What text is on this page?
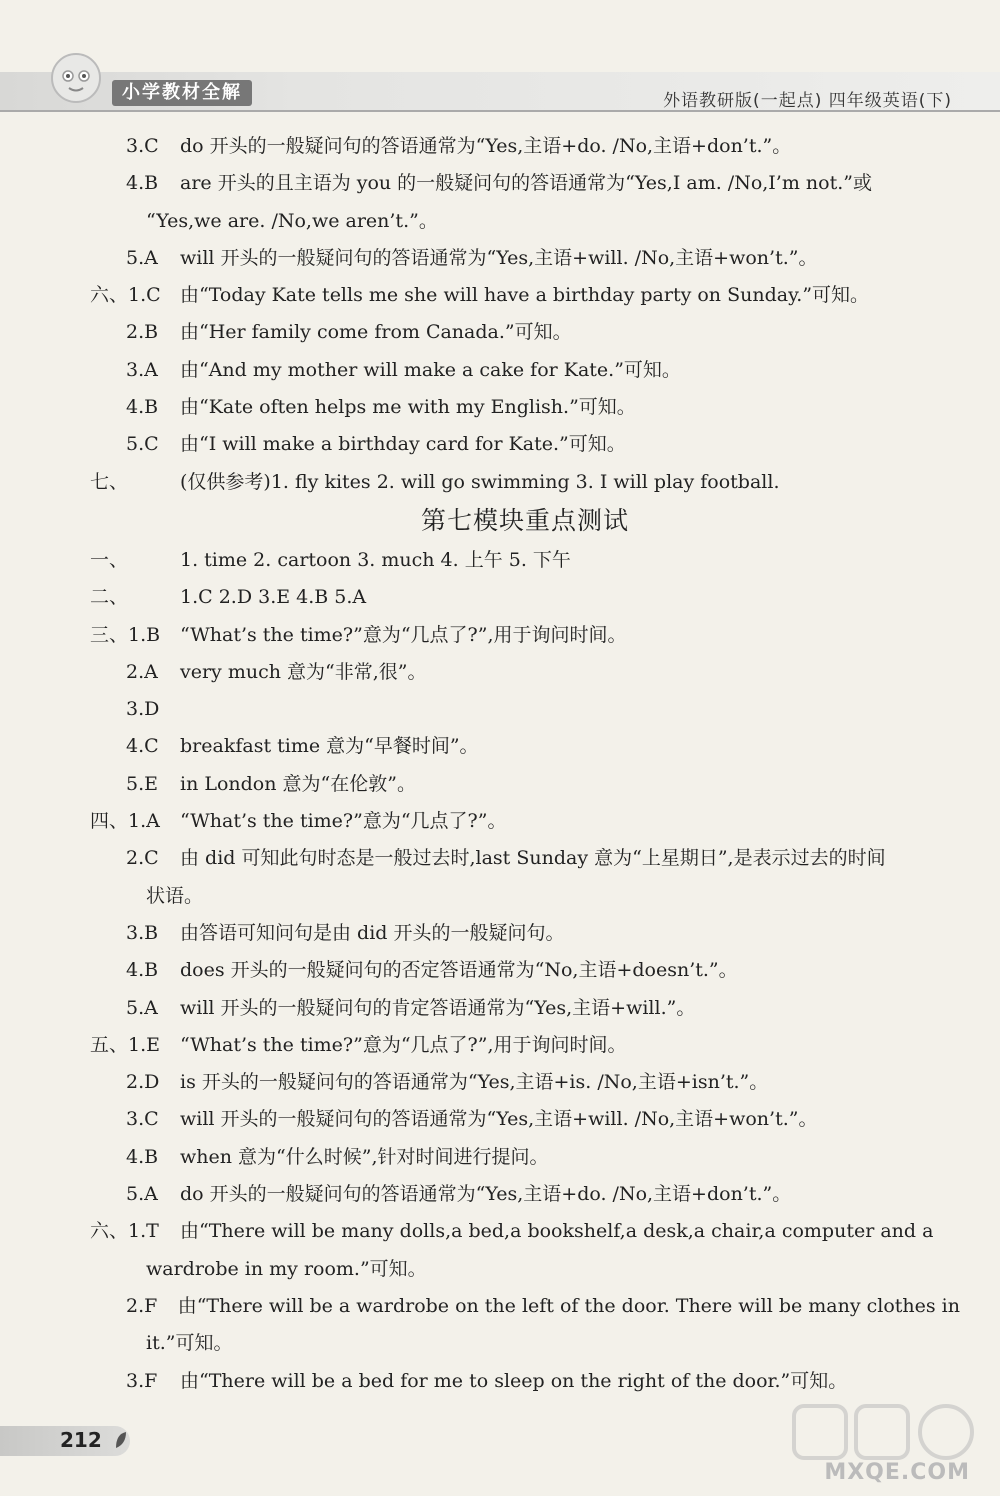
小学教材全解	外语教研版(一起点) 四年级英语(下)
3.C	do 开头的一般疑问句的答语通常为“Yes,主语+do. /No,主语+don’t.”。
4.B	are 开头的且主语为 you 的一般疑问句的答语通常为“Yes,I am. /No,I’m not.”或
“Yes,we are. /No,we aren’t.”。
5.A	will 开头的一般疑问句的答语通常为“Yes,主语+will. /No,主语+won’t.”。
六、1.C	由“Today Kate tells me she will have a birthday party on Sunday.”可知。
2.B	由“Her family come from Canada.”可知。
3.A	由“And my mother will make a cake for Kate.”可知。
4.B	由“Kate often helps me with my English.”可知。
5.C	由“I will make a birthday card for Kate.”可知。
七、	(仅供参考)1. fly kites 2. will go swimming 3. I will play football.
第七模块重点测试
一、	1. time 2. cartoon 3. much 4. 上午 5. 下午
二、	1.C 2.D 3.E 4.B 5.A
三、1.B	“What’s the time?”意为“几点了?”,用于询问时间。
2.A	very much 意为“非常,很”。
3.D
4.C	breakfast time 意为“早餐时间”。
5.E	in London 意为“在伦敦”。
四、1.A	“What’s the time?”意为“几点了?”。
2.C	由 did 可知此句时态是一般过去时,last Sunday 意为“上星期日”,是表示过去的时间
状语。
3.B	由答语可知问句是由 did 开头的一般疑问句。
4.B	does 开头的一般疑问句的否定答语通常为“No,主语+doesn’t.”。
5.A	will 开头的一般疑问句的肯定答语通常为“Yes,主语+will.”。
五、1.E	“What’s the time?”意为“几点了?”,用于询问时间。
2.D	is 开头的一般疑问句的答语通常为“Yes,主语+is. /No,主语+isn’t.”。
3.C	will 开头的一般疑问句的答语通常为“Yes,主语+will. /No,主语+won’t.”。
4.B	when 意为“什么时候”,针对时间进行提问。
5.A	do 开头的一般疑问句的答语通常为“Yes,主语+do. /No,主语+don’t.”。
六、1.T	由“There will be many dolls,a bed,a bookshelf,a desk,a chair,a computer and a
wardrobe in my room.”可知。
2.F	由“There will be a wardrobe on the left of the door. There will be many clothes in
it.”可知。
3.F	由“There will be a bed for me to sleep on the right of the door.”可知。
212
MXQE.COM
